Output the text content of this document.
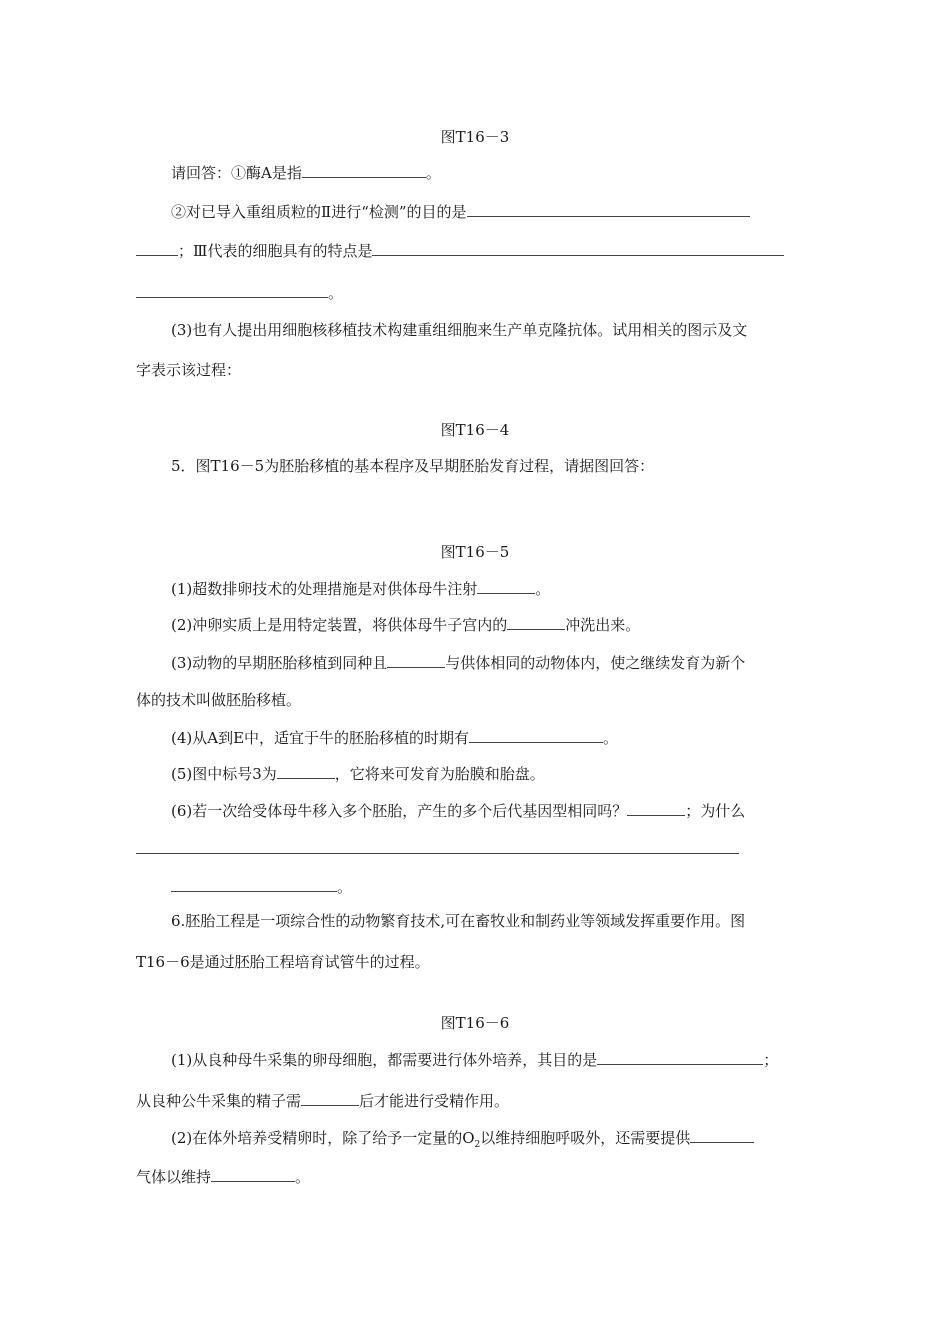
图T16－3
请回答：①酶A是指	。
②对已导入重组质粒的Ⅱ进行“检测”的目的是
；Ⅲ代表的细胞具有的特点是
。
(3)也有人提出用细胞核移植技术构建重组细胞来生产单克隆抗体。试用相关的图示及文
字表示该过程：
图T16－4
5．图T16－5为胚胎移植的基本程序及早期胚胎发育过程，请据图回答：
图T16－5
(1)超数排卵技术的处理措施是对供体母牛注射	。
(2)冲卵实质上是用特定装置，将供体母牛子宫内的	冲洗出来。
(3)动物的早期胚胎移植到同种且	与供体相同的动物体内，使之继续发育为新个
体的技术叫做胚胎移植。
(4)从A到E中，适宜于牛的胚胎移植的时期有	。
(5)图中标号3为	，它将来可发育为胎膜和胎盘。
(6)若一次给受体母牛移入多个胚胎，产生的多个后代基因型相同吗？	；为什么
。
6.胚胎工程是一项综合性的动物繁育技术,可在畜牧业和制药业等领域发挥重要作用。图
T16－6是通过胚胎工程培育试管牛的过程。
图T16－6
(1)从良种母牛采集的卵母细胞，都需要进行体外培养，其目的是	；
从良种公牛采集的精子需	后才能进行受精作用。
(2)在体外培养受精卵时，除了给予一定量的$O_2$以维持细胞呼吸外，还需要提供
气体以维持	。
